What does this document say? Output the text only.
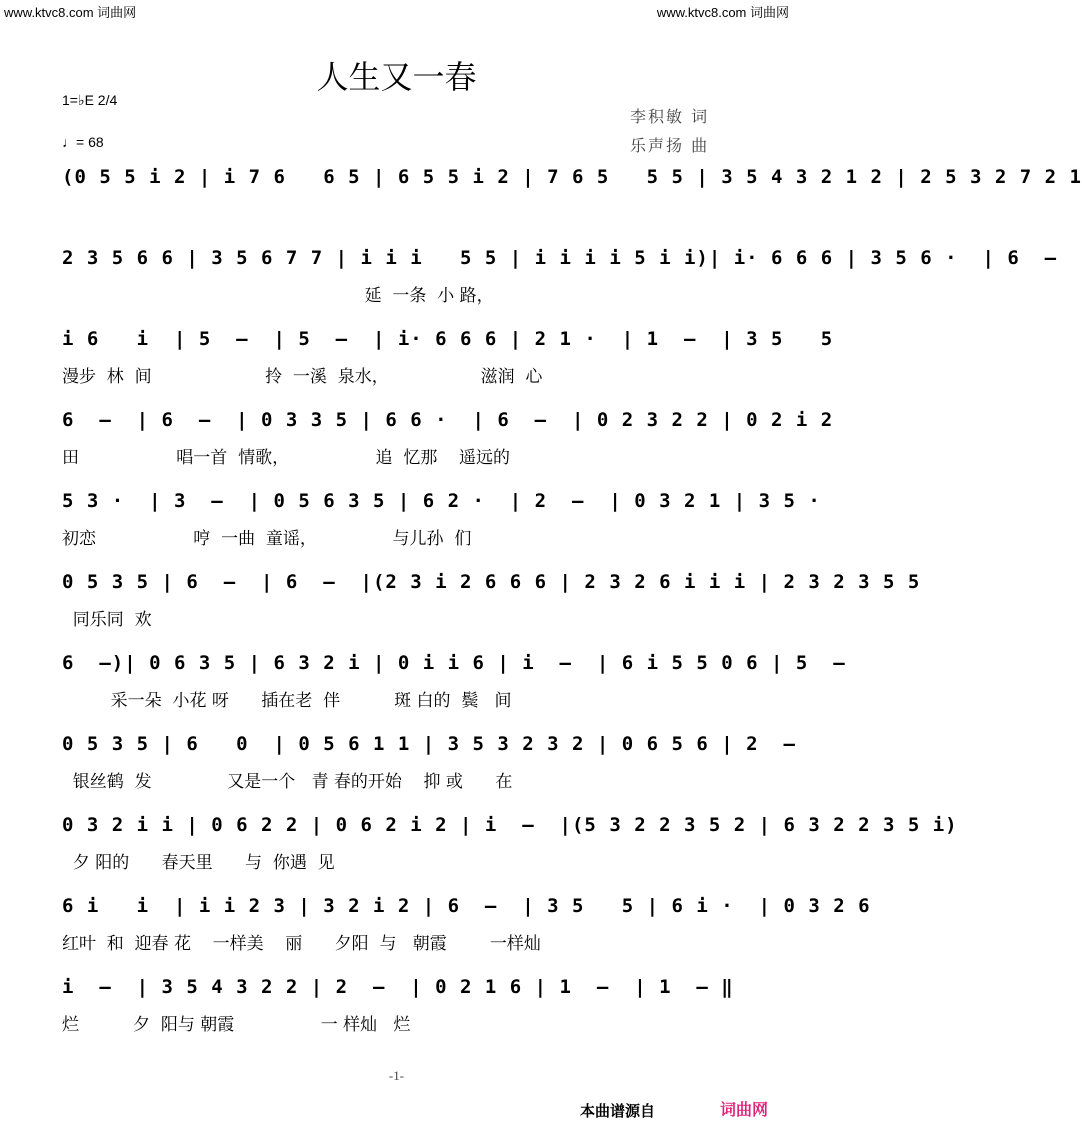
www.ktvc8.com 词曲网	www.ktvc8.com 词曲网
人生又一春
1=♭E 2/4
♩= 68
李积敏 词
乐声扬 曲
(0 5 5 i 2 | i 7 6   6 5 | 6 5 5 i 2 | 7 6 5   5 5 | 3 5 4 3 2 1 2 | 2 5 3 2 7 2 1
2 3 5 6 6 | 3 5 6 7 7 | i i i   5 5 | i i i i 5 i i)| i· 6 6 6 | 3 5 6 ·  | 6  —
延  一条  小 路，
i 6   i  | 5  —  | 5  —  | i· 6 6 6 | 2 1 ·  | 1  —  | 3 5   5
漫步  林  间                     拎  一溪  泉水，                 滋润  心
6  —  | 6  —  | 0 3 3 5 | 6 6 ·  | 6  —  | 0 2 3 2 2 | 0 2 i 2
田                  唱一首  情歌，                追  忆那    遥远的
5 3 ·  | 3  —  | 0 5 6 3 5 | 6 2 ·  | 2  —  | 0 3 2 1 | 3 5 ·
初恋                  哼  一曲  童谣，              与儿孙  们
0 5 3 5 | 6  —  | 6  —  |(2 3 i 2 6 6 6 | 2 3 2 6 i i i | 2 3 2 3 5 5
同乐同  欢
6  —)| 0 6 3 5 | 6 3 2 i | 0 i i 6 | i  —  | 6 i 5 5 0 6 | 5  —
采一朵  小花 呀      插在老  伴          斑 白的  鬓   间
0 5 3 5 | 6   0  | 0 5 6 1 1 | 3 5 3 2 3 2 | 0 6 5 6 | 2  —
银丝鹤  发              又是一个   青 春的开始    抑 或      在
0 3 2 i i | 0 6 2 2 | 0 6 2 i 2 | i  —  |(5 3 2 2 3 5 2 | 6 3 2 2 3 5 i)
夕 阳的      春天里      与  你遇  见
6 i   i  | i i 2 3 | 3 2 i 2 | 6  —  | 3 5   5 | 6 i ·  | 0 3 2 6
红叶  和  迎春 花    一样美    丽      夕阳  与   朝霞        一样灿
i  —  | 3 5 4 3 2 2 | 2  —  | 0 2 1 6 | 1  —  | 1  — ‖
烂          夕  阳与 朝霞                一 样灿   烂
-1-
本曲谱源自	词曲网
